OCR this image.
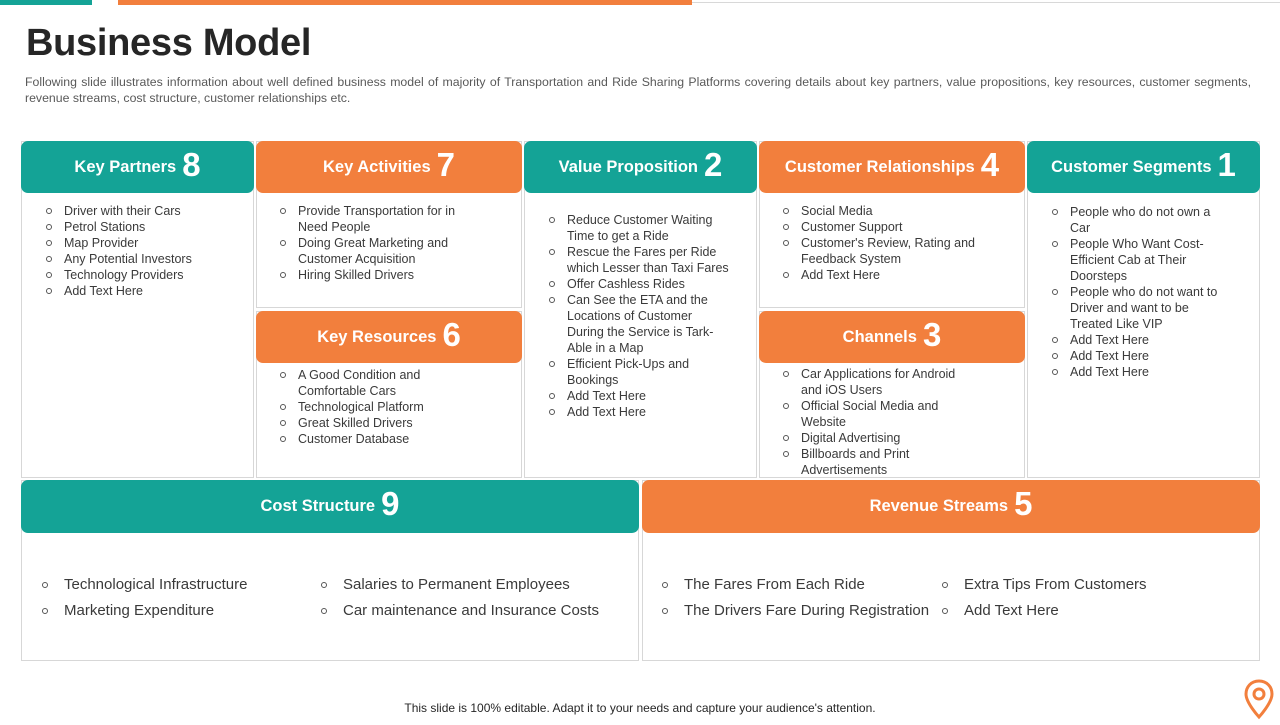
Business Model

Following slide illustrates information about well defined business model of majority of Transportation and Ride Sharing Platforms covering details about key partners, value propositions, key resources, customer segments, revenue streams, cost structure, customer relationships etc.

Key Partners 8
Driver with their Cars
Petrol Stations
Map Provider
Any Potential Investors
Technology Providers
Add Text Here
Key Activities 7
Provide Transportation for in Need People
Doing Great Marketing and Customer Acquisition
Hiring Skilled Drivers
Key Resources 6
A Good Condition and Comfortable Cars
Technological Platform
Great Skilled Drivers
Customer Database
Value Proposition 2
Reduce Customer Waiting Time to get a Ride
Rescue the Fares per Ride which Lesser than Taxi Fares
Offer Cashless Rides
Can See the ETA and the Locations of Customer During the Service is Tark-Able in a Map
Efficient Pick-Ups and Bookings
Add Text Here
Add Text Here
Customer Relationships 4
Social Media
Customer Support
Customer's Review, Rating and Feedback System
Add Text Here
Channels 3
Car Applications for Android and iOS Users
Official Social Media and Website
Digital Advertising
Billboards and Print Advertisements
Customer Segments 1
People who do not own a Car
People Who Want Cost-Efficient Cab at Their Doorsteps
People who do not want to Driver and want to be Treated Like VIP
Add Text Here
Add Text Here
Add Text Here
Cost Structure 9
Technological Infrastructure
Marketing Expenditure
Salaries to Permanent Employees
Car maintenance and Insurance Costs
Revenue Streams 5
The Fares From Each Ride
The Drivers Fare During Registration
Extra Tips From Customers
Add Text Here
This slide is 100% editable. Adapt it to your needs and capture your audience's attention.
